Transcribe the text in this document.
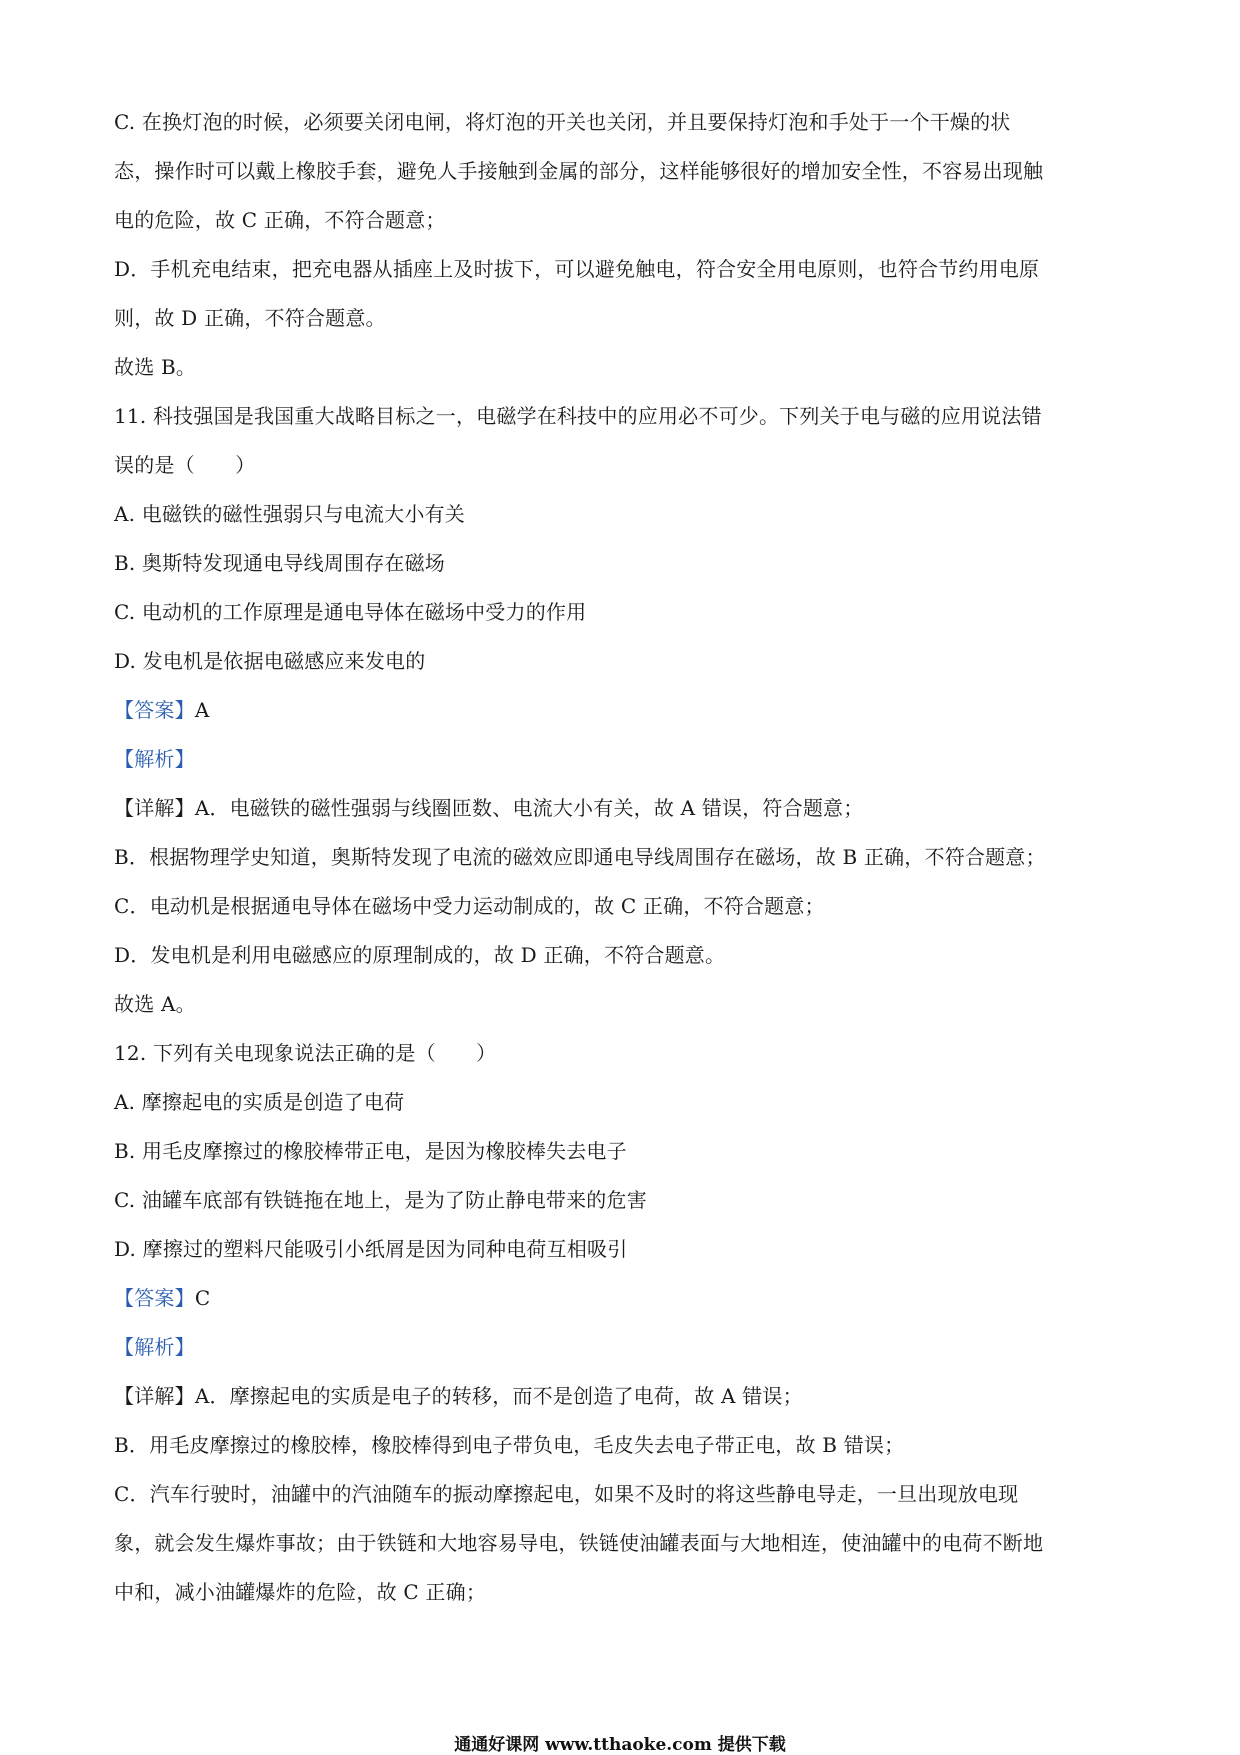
C. 在换灯泡的时候，必须要关闭电闸，将灯泡的开关也关闭，并且要保持灯泡和手处于一个干燥的状
态，操作时可以戴上橡胶手套，避免人手接触到金属的部分，这样能够很好的增加安全性，不容易出现触
电的危险，故 C 正确，不符合题意；
D．手机充电结束，把充电器从插座上及时拔下，可以避免触电，符合安全用电原则，也符合节约用电原
则，故 D 正确，不符合题意。
故选 B。
11. 科技强国是我国重大战略目标之一，电磁学在科技中的应用必不可少。下列关于电与磁的应用说法错
误的是（　　）
A. 电磁铁的磁性强弱只与电流大小有关
B. 奥斯特发现通电导线周围存在磁场
C. 电动机的工作原理是通电导体在磁场中受力的作用
D. 发电机是依据电磁感应来发电的
【答案】A
【解析】
【详解】A．电磁铁的磁性强弱与线圈匝数、电流大小有关，故 A 错误，符合题意；
B．根据物理学史知道，奥斯特发现了电流的磁效应即通电导线周围存在磁场，故 B 正确，不符合题意；
C．电动机是根据通电导体在磁场中受力运动制成的，故 C 正确，不符合题意；
D．发电机是利用电磁感应的原理制成的，故 D 正确，不符合题意。
故选 A。
12. 下列有关电现象说法正确的是（　　）
A. 摩擦起电的实质是创造了电荷
B. 用毛皮摩擦过的橡胶棒带正电，是因为橡胶棒失去电子
C. 油罐车底部有铁链拖在地上，是为了防止静电带来的危害
D. 摩擦过的塑料尺能吸引小纸屑是因为同种电荷互相吸引
【答案】C
【解析】
【详解】A．摩擦起电的实质是电子的转移，而不是创造了电荷，故 A 错误；
B．用毛皮摩擦过的橡胶棒，橡胶棒得到电子带负电，毛皮失去电子带正电，故 B 错误；
C．汽车行驶时，油罐中的汽油随车的振动摩擦起电，如果不及时的将这些静电导走，一旦出现放电现
象，就会发生爆炸事故；由于铁链和大地容易导电，铁链使油罐表面与大地相连，使油罐中的电荷不断地
中和，减小油罐爆炸的危险，故 C 正确；
通通好课网 www.tthaoke.com 提供下载
